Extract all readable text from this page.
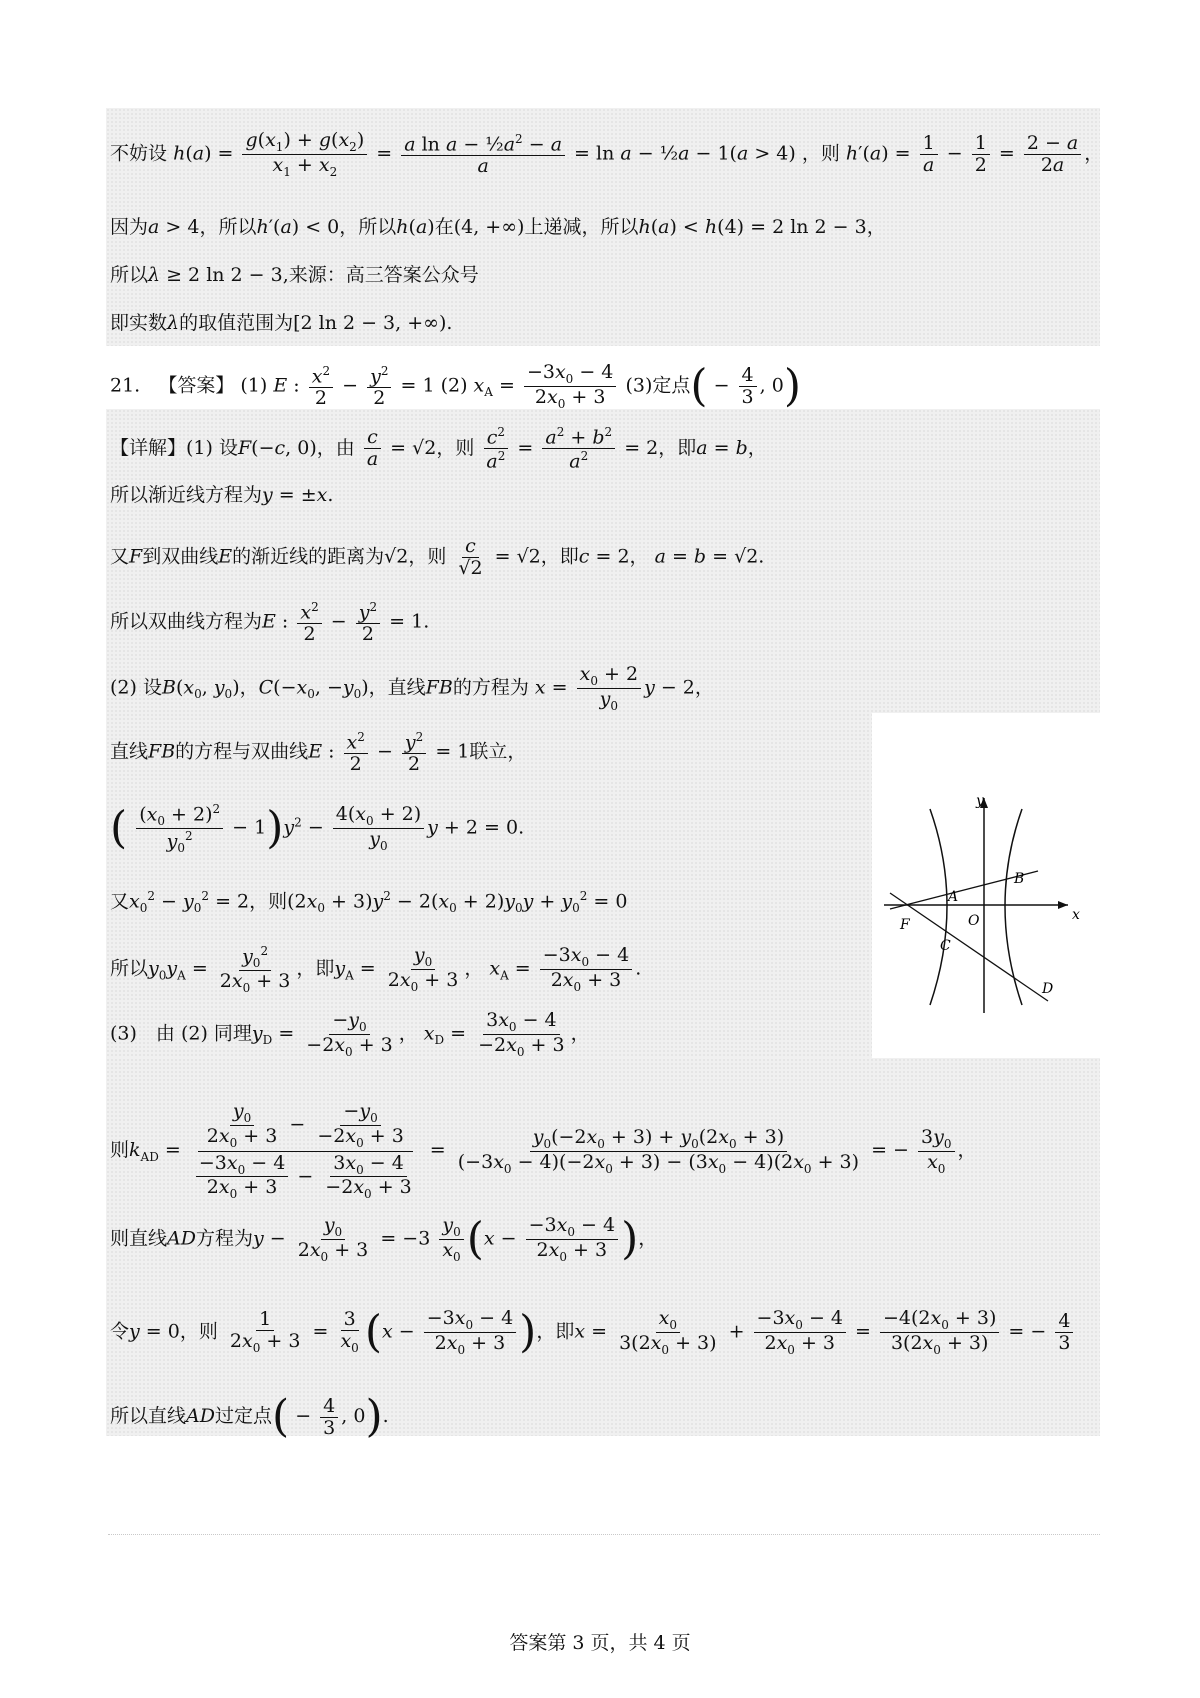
不妨设 $h(a) = \frac{g(x_1) + g(x_2)}{x_1 + x_2} = \frac{a \ln a - \frac{1}{2}a^2 - a}{a} = \ln a$ − ½a − 1(a > 4) ，则 $h'(a) = \frac{1}{a} - \frac{1}{2} = \frac{2 - a}{2a}$ ，
因为a > 4，所以h′(a) < 0，所以h(a)在(4, +∞)上递减，所以h(a) < h(4) = 2 ln 2 − 3，
所以λ ≥ 2 ln 2 − 3,来源：高三答案公众号
即实数λ的取值范围为[2 ln 2 − 3, +∞).
21. 【答案】 (1) E : $\frac{x^2}{2} - \frac{y^2}{2} = 1$ (2) $x_A = \frac{-3x_0 - 4}{2x_0 + 3} (3)$定点( − $\frac{4}{3}$ , 0)
【详解】(1) 设F(−c, 0)，由 $\frac{c}{a} = √2$，则 $\frac{c^2}{a^2} = \frac{a^2 + b^2}{a^2} = 2$，即a = b，
所以渐近线方程为y = ±x.
又F到双曲线E的渐近线的距离为√2，则 $\frac{c}{√2} = √2$，即c = 2， a = b = √2.
所以双曲线方程为E : $\frac{x^2}{2} - \frac{y^2}{2} = 1$.
(2) 设$B(x_0$, $y_0$)，$C(-x_0$, $-y_0$)，直线FB的方程为 $x = \frac{x_0 + 2}{y_0}$ y − 2，
直线FB的方程与双曲线E : $\frac{x^2}{2} - \frac{y^2}{2} = 1$联立，
( $\frac{(x_0 + 2)^2}{y_0^2} - 1)y^2 - \frac{4(x_0 + 2)}{y_0}$ y + 2 = 0.
又$x_0^2 - y_0^2 = 2$，则$(2x_0 + 3)y^2 - 2(x_0 + 2)y_0y + y_0^2 = 0$
所以$y_0y_A = \frac{y_0^2}{2x_0 + 3}$ ，即$y_A = \frac{y_0}{2x_0 + 3}$ ， $x_A = \frac{-3x_0 - 4}{2x_0 + 3}$ .
(3)　由 (2) 同理$y_D = \frac{-y_0}{-2x_0 + 3}$ ， $x_D = \frac{3x_0 - 4}{-2x_0 + 3}$ ，
则$k_{AD} = \frac{\frac{y_0}{2x_0 + 3} - \frac{-y_0}{-2x_0 + 3}}{\frac{-3x_0 - 4}{2x_0 + 3} - \frac{3x_0 - 4}{-2x_0 + 3}} = \frac{y_0(-2x_0 + 3) + y_0(2x_0 + 3)}{(-3x_0 - 4)(-2x_0 + 3) - (3x_0 - 4)(2x_0 + 3)}$ = − $\frac{3y_0}{x_0}$ ，
则直线AD方程为$y - \frac{y_0}{2x_0 + 3} = -3 \frac{y_0}{x_0} (x - \frac{-3x_0 - 4}{2x_0 + 3}$ )，
令y = 0，则 $\frac{1}{2x_0 + 3} = \frac{3}{x_0} (x - \frac{-3x_0 - 4}{2x_0 + 3}$ )，即$x = \frac{x_0}{3(2x_0 + 3)} + \frac{-3x_0 - 4}{2x_0 + 3} = \frac{-4(2x_0 + 3)}{3(2x_0 + 3)}$ = − $\frac{4}{3}$
所以直线AD过定点( − $\frac{4}{3}$ , 0).
y
x
O
A
B
C
D
F
答案第 3 页，共 4 页
